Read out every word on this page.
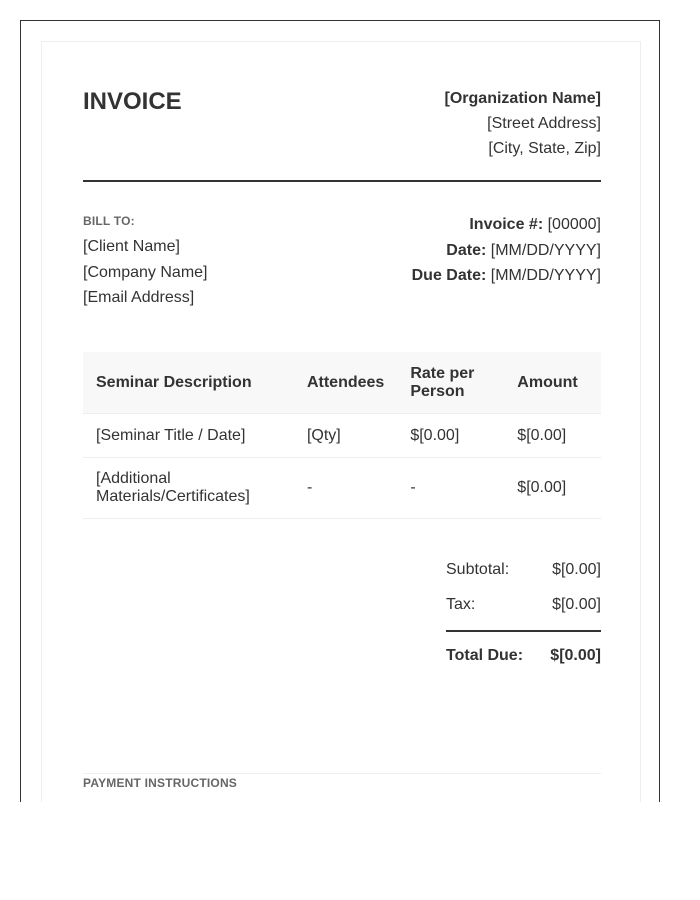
INVOICE	[Organization Name]
[Street Address]
[City, State, Zip]
BILL TO:
[Client Name]
[Company Name]
[Email Address]
Invoice #: [00000]
Date: [MM/DD/YYYY]
Due Date: [MM/DD/YYYY]
Seminar Description	Attendees	Rate per Person	Amount
[Seminar Title / Date]	[Qty]	$[0.00]	$[0.00]
[Additional Materials/Certificates]	-	-	$[0.00]
Subtotal:	$[0.00]
Tax:	$[0.00]
Total Due: $[0.00]
PAYMENT INSTRUCTIONS
